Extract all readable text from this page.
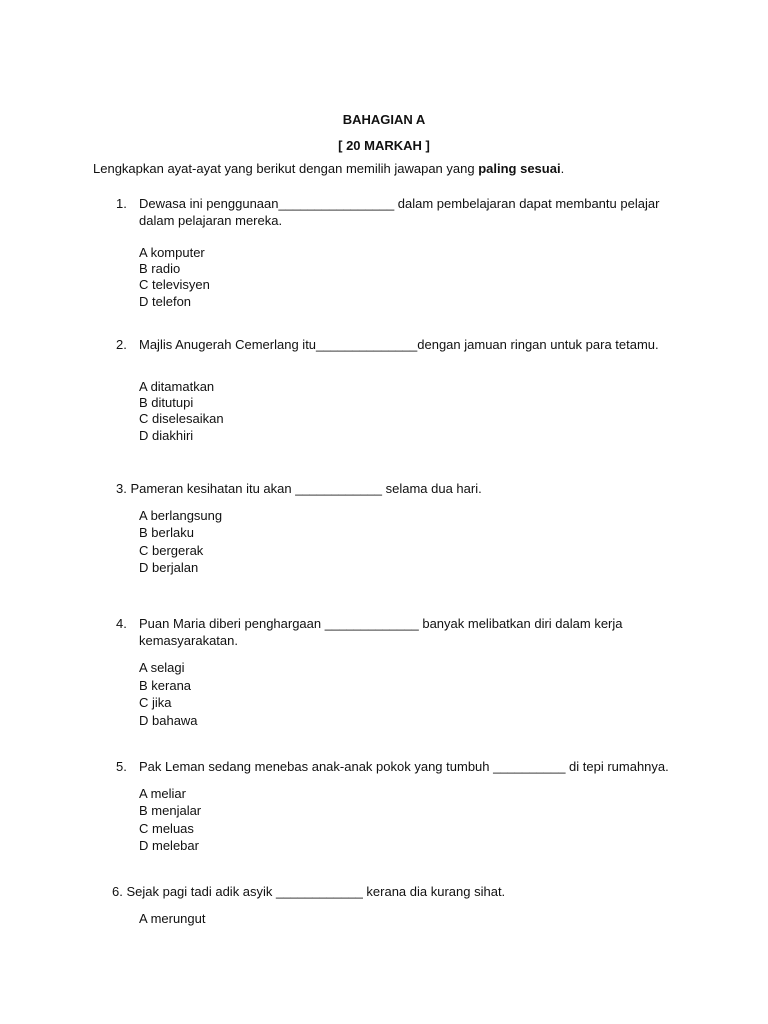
BAHAGIAN A
[ 20 MARKAH ]
Lengkapkan ayat-ayat yang berikut dengan memilih jawapan yang paling sesuai.
1. Dewasa ini penggunaan________________ dalam pembelajaran dapat membantu pelajar
dalam pelajaran mereka.
A komputer
B radio
C televisyen
D telefon
2. Majlis Anugerah Cemerlang itu______________dengan jamuan ringan untuk para tetamu.
A ditamatkan
B ditutupi
C diselesaikan
D diakhiri
3. Pameran kesihatan itu akan ____________ selama dua hari.
A berlangsung
B berlaku
C bergerak
D berjalan
4. Puan Maria diberi penghargaan _____________ banyak melibatkan diri dalam kerja
kemasyarakatan.
A selagi
B kerana
C jika
D bahawa
5. Pak Leman sedang menebas anak-anak pokok yang tumbuh __________ di tepi rumahnya.
A meliar
B menjalar
C meluas
D melebar
6. Sejak pagi tadi adik asyik ____________ kerana dia kurang sihat.
A merungut
